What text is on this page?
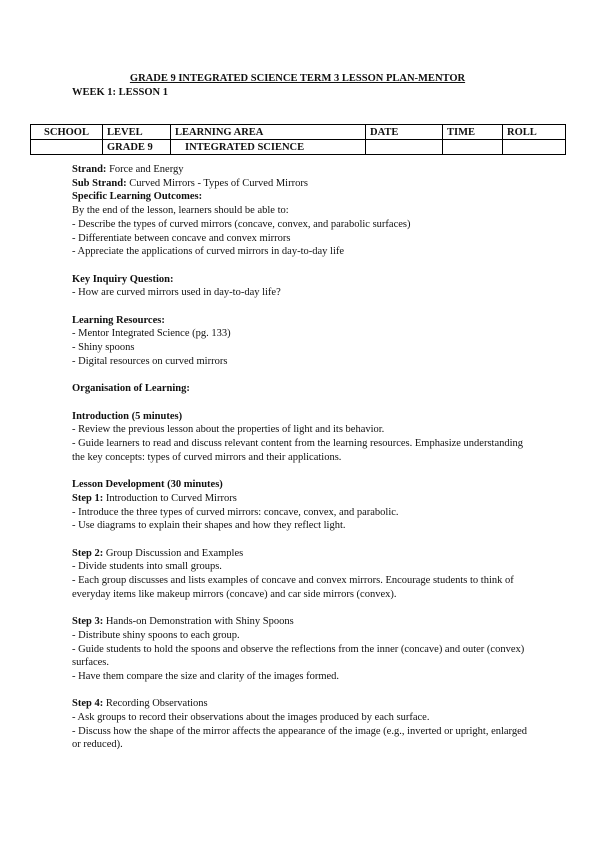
GRADE 9 INTEGRATED SCIENCE TERM 3 LESSON PLAN-MENTOR
WEEK 1: LESSON 1
SCHOOL	LEVEL	LEARNING AREA	DATE	TIME	ROLL
	GRADE 9	INTEGRATED SCIENCE			

Strand: Force and Energy

Sub Strand: Curved Mirrors - Types of Curved Mirrors

Specific Learning Outcomes:

By the end of the lesson, learners should be able to:

- Describe the types of curved mirrors (concave, convex, and parabolic surfaces)

- Differentiate between concave and convex mirrors

- Appreciate the applications of curved mirrors in day-to-day life

Key Inquiry Question:

- How are curved mirrors used in day-to-day life?

Learning Resources:

- Mentor Integrated Science (pg. 133)

- Shiny spoons

- Digital resources on curved mirrors

Organisation of Learning:

Introduction (5 minutes)

- Review the previous lesson about the properties of light and its behavior.

- Guide learners to read and discuss relevant content from the learning resources. Emphasize understanding the key concepts: types of curved mirrors and their applications.

Lesson Development (30 minutes)

Step 1: Introduction to Curved Mirrors

- Introduce the three types of curved mirrors: concave, convex, and parabolic.

- Use diagrams to explain their shapes and how they reflect light.

Step 2: Group Discussion and Examples

- Divide students into small groups.

- Each group discusses and lists examples of concave and convex mirrors. Encourage students to think of everyday items like makeup mirrors (concave) and car side mirrors (convex).

Step 3: Hands-on Demonstration with Shiny Spoons

- Distribute shiny spoons to each group.

- Guide students to hold the spoons and observe the reflections from the inner (concave) and outer (convex) surfaces.

- Have them compare the size and clarity of the images formed.

Step 4: Recording Observations

- Ask groups to record their observations about the images produced by each surface.

- Discuss how the shape of the mirror affects the appearance of the image (e.g., inverted or upright, enlarged or reduced).
